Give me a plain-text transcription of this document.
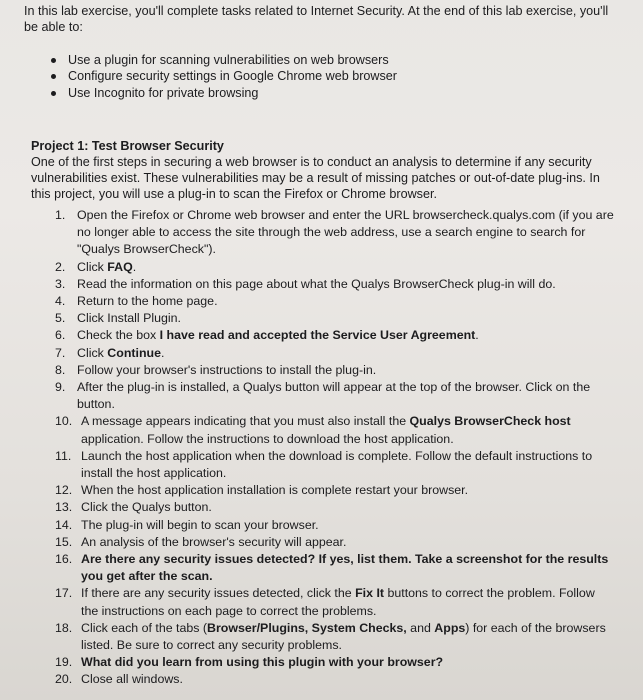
In this lab exercise, you'll complete tasks related to Internet Security. At the end of this lab exercise, you'll be able to:
Use a plugin for scanning vulnerabilities on web browsers
Configure security settings in Google Chrome web browser
Use Incognito for private browsing
Project 1: Test Browser Security
One of the first steps in securing a web browser is to conduct an analysis to determine if any security vulnerabilities exist. These vulnerabilities may be a result of missing patches or out-of-date plug-ins. In this project, you will use a plug-in to scan the Firefox or Chrome browser.
1. Open the Firefox or Chrome web browser and enter the URL browsercheck.qualys.com (if you are no longer able to access the site through the web address, use a search engine to search for "Qualys BrowserCheck").
2. Click FAQ.
3. Read the information on this page about what the Qualys BrowserCheck plug-in will do.
4. Return to the home page.
5. Click Install Plugin.
6. Check the box I have read and accepted the Service User Agreement.
7. Click Continue.
8. Follow your browser's instructions to install the plug-in.
9. After the plug-in is installed, a Qualys button will appear at the top of the browser. Click on the button.
10. A message appears indicating that you must also install the Qualys BrowserCheck host application. Follow the instructions to download the host application.
11. Launch the host application when the download is complete. Follow the default instructions to install the host application.
12. When the host application installation is complete restart your browser.
13. Click the Qualys button.
14. The plug-in will begin to scan your browser.
15. An analysis of the browser's security will appear.
16. Are there any security issues detected? If yes, list them. Take a screenshot for the results you get after the scan.
17. If there are any security issues detected, click the Fix It buttons to correct the problem. Follow the instructions on each page to correct the problems.
18. Click each of the tabs (Browser/Plugins, System Checks, and Apps) for each of the browsers listed. Be sure to correct any security problems.
19. What did you learn from using this plugin with your browser?
20. Close all windows.
